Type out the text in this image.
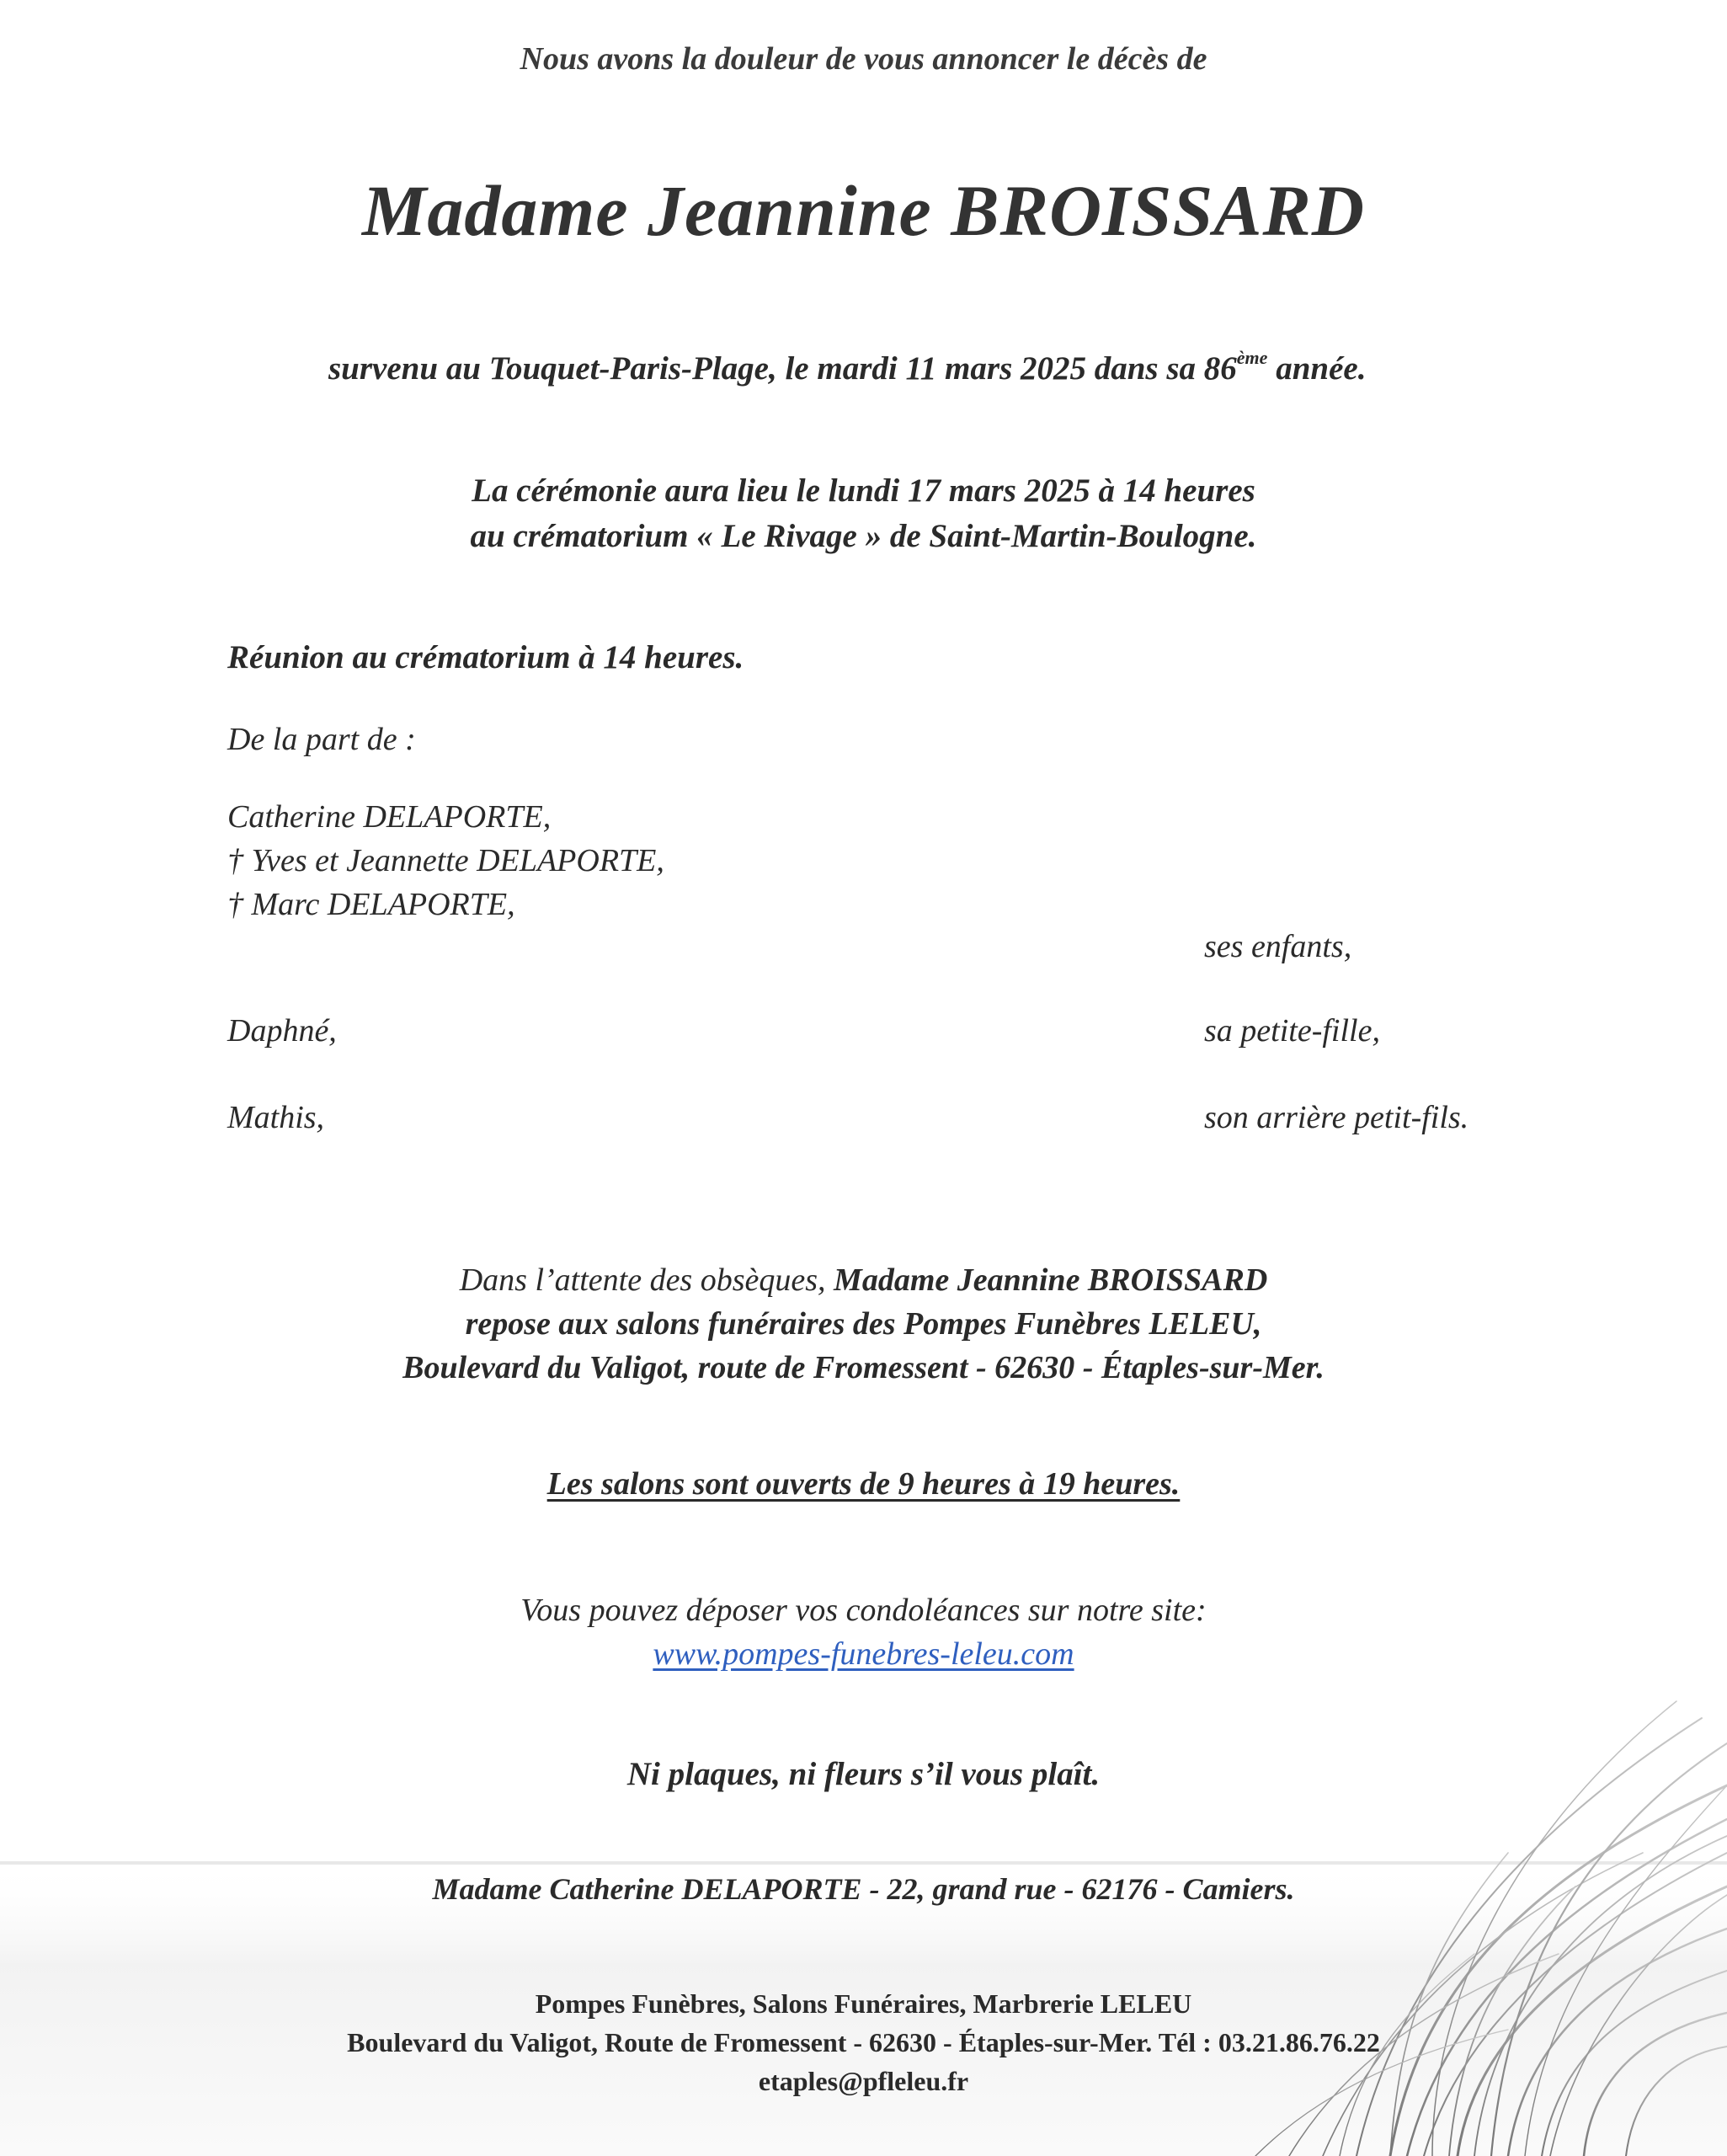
Nous avons la douleur de vous annoncer le décès de
Madame Jeannine BROISSARD
survenu au Touquet-Paris-Plage, le mardi 11 mars 2025 dans sa 86ème année.
La cérémonie aura lieu le lundi 17 mars 2025 à 14 heures
au crématorium « Le Rivage » de Saint-Martin-Boulogne.
Réunion au crématorium à 14 heures.
De la part de :
Catherine DELAPORTE,
† Yves et Jeannette DELAPORTE,
† Marc DELAPORTE,
ses enfants,
Daphné,	sa petite-fille,
Mathis,	son arrière petit-fils.
Dans l’attente des obsèques, Madame Jeannine BROISSARD
repose aux salons funéraires des Pompes Funèbres LELEU,
Boulevard du Valigot, route de Fromessent - 62630 - Étaples-sur-Mer.
Les salons sont ouverts de 9 heures à 19 heures.
Vous pouvez déposer vos condoléances sur notre site:
www.pompes-funebres-leleu.com
Ni plaques, ni fleurs s’il vous plaît.
Madame Catherine DELAPORTE - 22, grand rue - 62176 - Camiers.
Pompes Funèbres, Salons Funéraires, Marbrerie LELEU
Boulevard du Valigot, Route de Fromessent - 62630 - Étaples-sur-Mer. Tél : 03.21.86.76.22
etaples@pfleleu.fr
